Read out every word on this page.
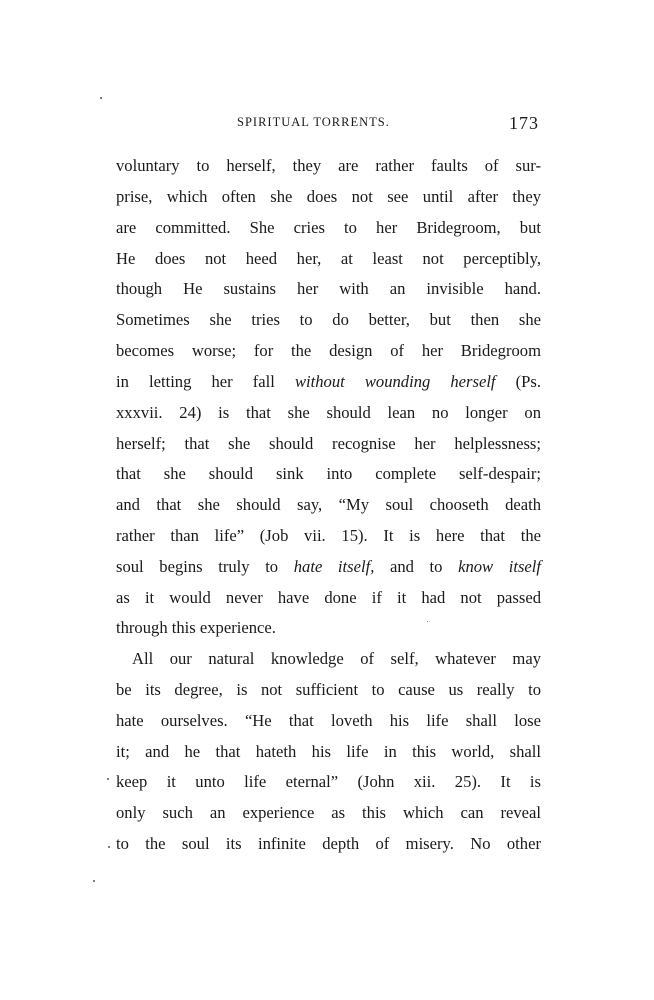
SPIRITUAL TORRENTS.	173
voluntary to herself, they are rather faults of sur-
prise, which often she does not see until after they
are committed. She cries to her Bridegroom, but
He does not heed her, at least not perceptibly,
though He sustains her with an invisible hand.
Sometimes she tries to do better, but then she
becomes worse; for the design of her Bridegroom
in letting her fall without wounding herself (Ps.
xxxvii. 24) is that she should lean no longer on
herself; that she should recognise her helplessness;
that she should sink into complete self-despair;
and that she should say, “My soul chooseth death
rather than life” (Job vii. 15). It is here that the
soul begins truly to hate itself, and to know itself
as it would never have done if it had not passed
through this experience.
All our natural knowledge of self, whatever may
be its degree, is not sufficient to cause us really to
hate ourselves. “He that loveth his life shall lose
it; and he that hateth his life in this world, shall
keep it unto life eternal” (John xii. 25). It is
only such an experience as this which can reveal
to the soul its infinite depth of misery. No other
